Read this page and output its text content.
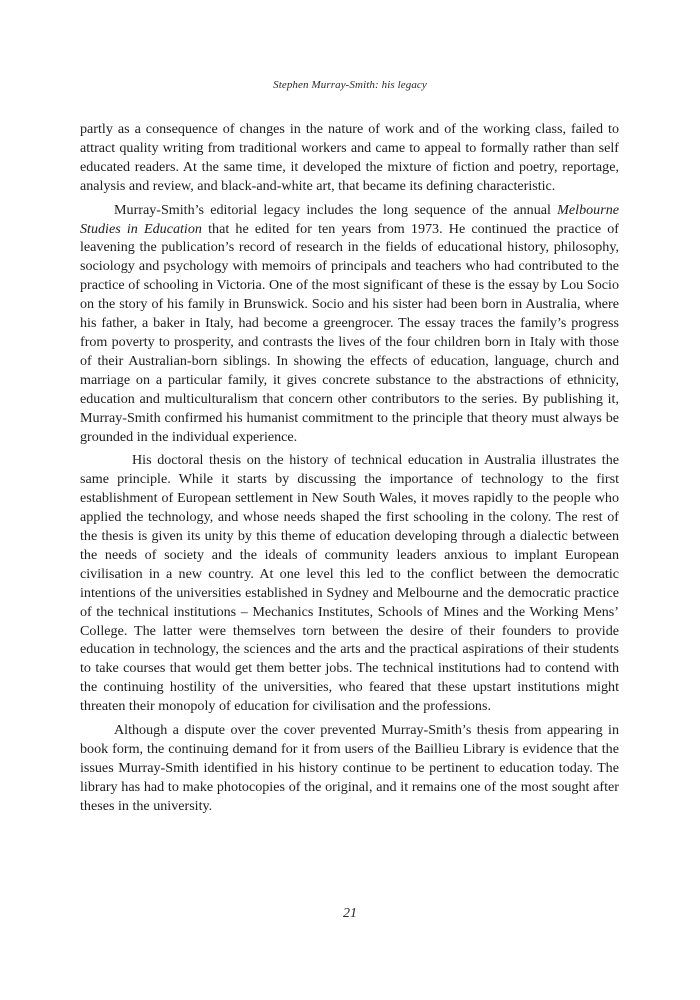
Stephen Murray-Smith: his legacy

partly as a consequence of changes in the nature of work and of the working class, failed to attract quality writing from traditional workers and came to appeal to formally rather than self educated readers. At the same time, it developed the mixture of fiction and poetry, reportage, analysis and review, and black-and-white art, that became its defining characteristic.

Murray-Smith’s editorial legacy includes the long sequence of the annual Melbourne Studies in Education that he edited for ten years from 1973. He continued the practice of leavening the publication’s record of research in the fields of educational history, philosophy, sociology and psychology with memoirs of principals and teachers who had contributed to the practice of schooling in Victoria. One of the most significant of these is the essay by Lou Socio on the story of his family in Brunswick. Socio and his sister had been born in Australia, where his father, a baker in Italy, had become a greengrocer. The essay traces the family’s progress from poverty to prosperity, and contrasts the lives of the four children born in Italy with those of their Australian-born siblings. In showing the effects of education, language, church and marriage on a particular family, it gives concrete substance to the abstractions of ethnicity, education and multiculturalism that concern other contributors to the series. By publishing it, Murray-Smith confirmed his humanist commitment to the principle that theory must always be grounded in the individual experience.

His doctoral thesis on the history of technical education in Australia illustrates the same principle. While it starts by discussing the importance of technology to the first establishment of European settlement in New South Wales, it moves rapidly to the people who applied the technology, and whose needs shaped the first schooling in the colony. The rest of the thesis is given its unity by this theme of education developing through a dialectic between the needs of society and the ideals of community leaders anxious to implant European civilisation in a new country. At one level this led to the conflict between the democratic intentions of the universities established in Sydney and Melbourne and the democratic practice of the technical institutions – Mechanics Institutes, Schools of Mines and the Working Mens’ College. The latter were themselves torn between the desire of their founders to provide education in technology, the sciences and the arts and the practical aspirations of their students to take courses that would get them better jobs. The technical institutions had to contend with the continuing hostility of the universities, who feared that these upstart institutions might threaten their monopoly of education for civilisation and the professions.

Although a dispute over the cover prevented Murray-Smith’s thesis from appearing in book form, the continuing demand for it from users of the Baillieu Library is evidence that the issues Murray-Smith identified in his history continue to be pertinent to education today. The library has had to make photocopies of the original, and it remains one of the most sought after theses in the university.

21
